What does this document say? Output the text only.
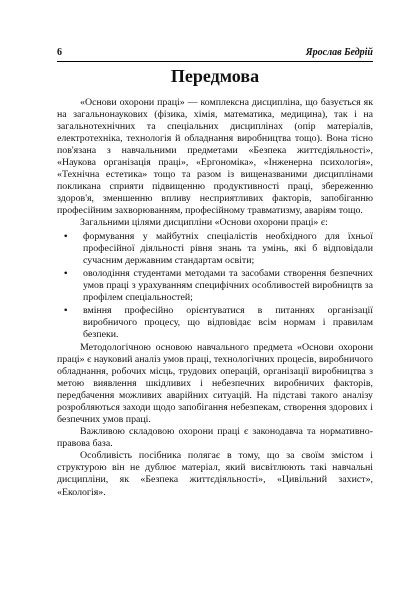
6	Ярослав Бедрій
Передмова

«Основи охорони праці» — комплексна дисципліна, що базується як на загальнонаукових (фізика, хімія, математика, медицина), так і на загальнотехнічних та спеціальних дисциплінах (опір матеріалів, електротехніка, технологія й обладнання виробництва тощо). Вона тісно пов'язана з навчальними предметами «Безпека життєдіяльності», «Наукова організація праці», «Ергономіка», «Інженерна психологія», «Технічна естетика» тощо та разом із вищеназваними дисциплінами покликана сприяти підвищенню продуктивності праці, збереженню здоров'я, зменшенню впливу несприятливих факторів, запобіганню професійним захворюванням, професійному травматизму, аваріям тощо.

Загальними цілями дисципліни «Основи охорони праці» є:

• формування у майбутніх спеціалістів необхідного для їхньої професійної діяльності рівня знань та умінь, які б відповідали сучасним державним стандартам освіти;
• оволодіння студентами методами та засобами створення безпечних умов праці з урахуванням специфічних особливостей виробництв за профілем спеціальностей;
• вміння професійно орієнтуватися в питаннях організації виробничого процесу, що відповідає всім нормам і правилам безпеки.

Методологічною основою навчального предмета «Основи охорони праці» є науковий аналіз умов праці, технологічних процесів, виробничого обладнання, робочих місць, трудових операцій, організації виробництва з метою виявлення шкідливих і небезпечних виробничих факторів, передбачення можливих аварійних ситуацій. На підставі такого аналізу розробляються заходи щодо запобігання небезпекам, створення здорових і безпечних умов праці.

Важливою складовою охорони праці є законодавча та нормативно-правова база.

Особливість посібника полягає в тому, що за своїм змістом і структурою він не дублює матеріал, який висвітлюють такі навчальні дисципліни, як «Безпека життєдіяльності», «Цивільний захист», «Екологія».
